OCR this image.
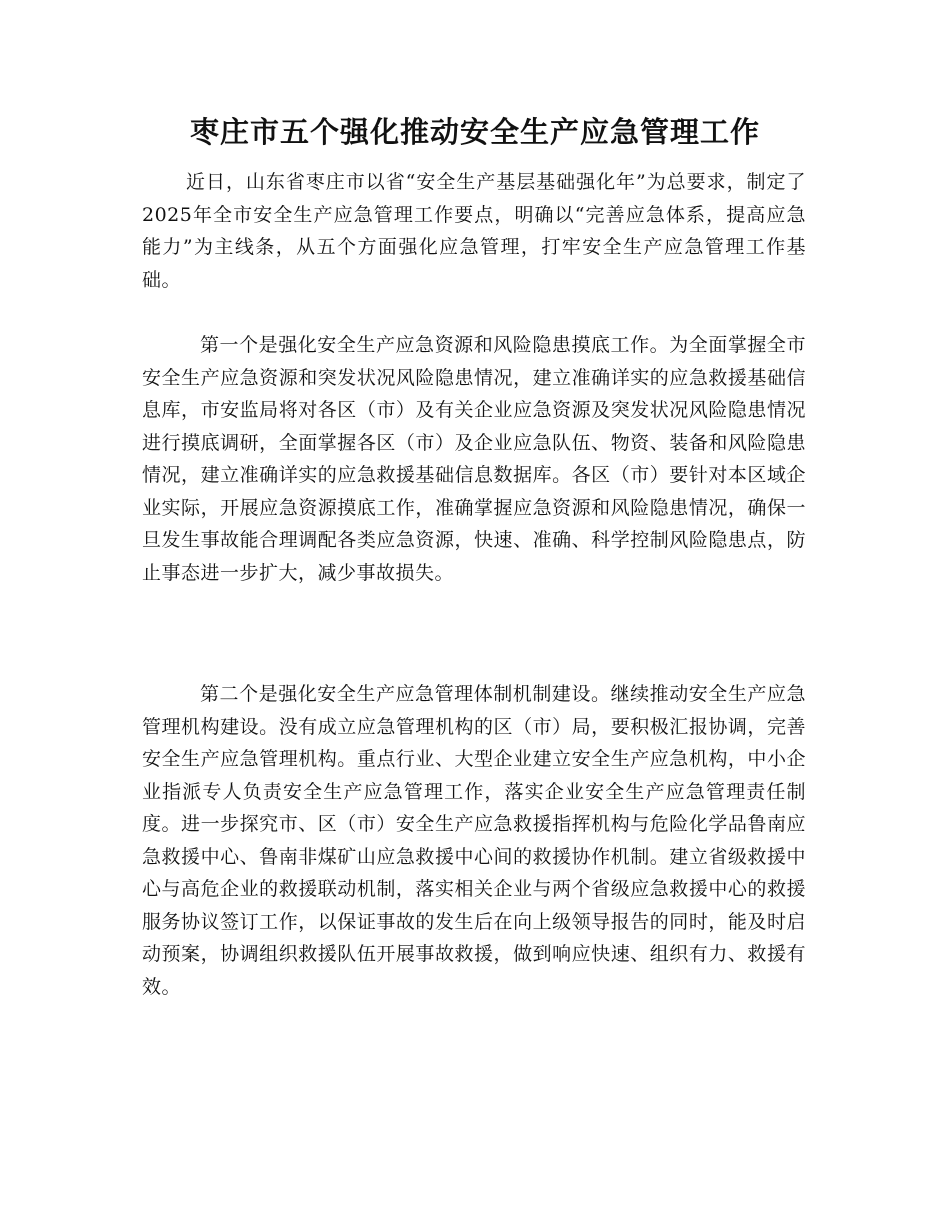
枣庄市五个强化推动安全生产应急管理工作

近日，山东省枣庄市以省“安全生产基层基础强化年”为总要求，制定了2025年全市安全生产应急管理工作要点，明确以“完善应急体系，提高应急能力”为主线条，从五个方面强化应急管理，打牢安全生产应急管理工作基础。

第一个是强化安全生产应急资源和风险隐患摸底工作。为全面掌握全市安全生产应急资源和突发状况风险隐患情况，建立准确详实的应急救援基础信息库，市安监局将对各区（市）及有关企业应急资源及突发状况风险隐患情况进行摸底调研，全面掌握各区（市）及企业应急队伍、物资、装备和风险隐患情况，建立准确详实的应急救援基础信息数据库。各区（市）要针对本区域企业实际，开展应急资源摸底工作，准确掌握应急资源和风险隐患情况，确保一旦发生事故能合理调配各类应急资源，快速、准确、科学控制风险隐患点，防止事态进一步扩大，减少事故损失。

第二个是强化安全生产应急管理体制机制建设。继续推动安全生产应急管理机构建设。没有成立应急管理机构的区（市）局，要积极汇报协调，完善安全生产应急管理机构。重点行业、大型企业建立安全生产应急机构，中小企业指派专人负责安全生产应急管理工作，落实企业安全生产应急管理责任制度。进一步探究市、区（市）安全生产应急救援指挥机构与危险化学品鲁南应急救援中心、鲁南非煤矿山应急救援中心间的救援协作机制。建立省级救援中心与高危企业的救援联动机制，落实相关企业与两个省级应急救援中心的救援服务协议签订工作，以保证事故的发生后在向上级领导报告的同时，能及时启动预案，协调组织救援队伍开展事故救援，做到响应快速、组织有力、救援有效。
